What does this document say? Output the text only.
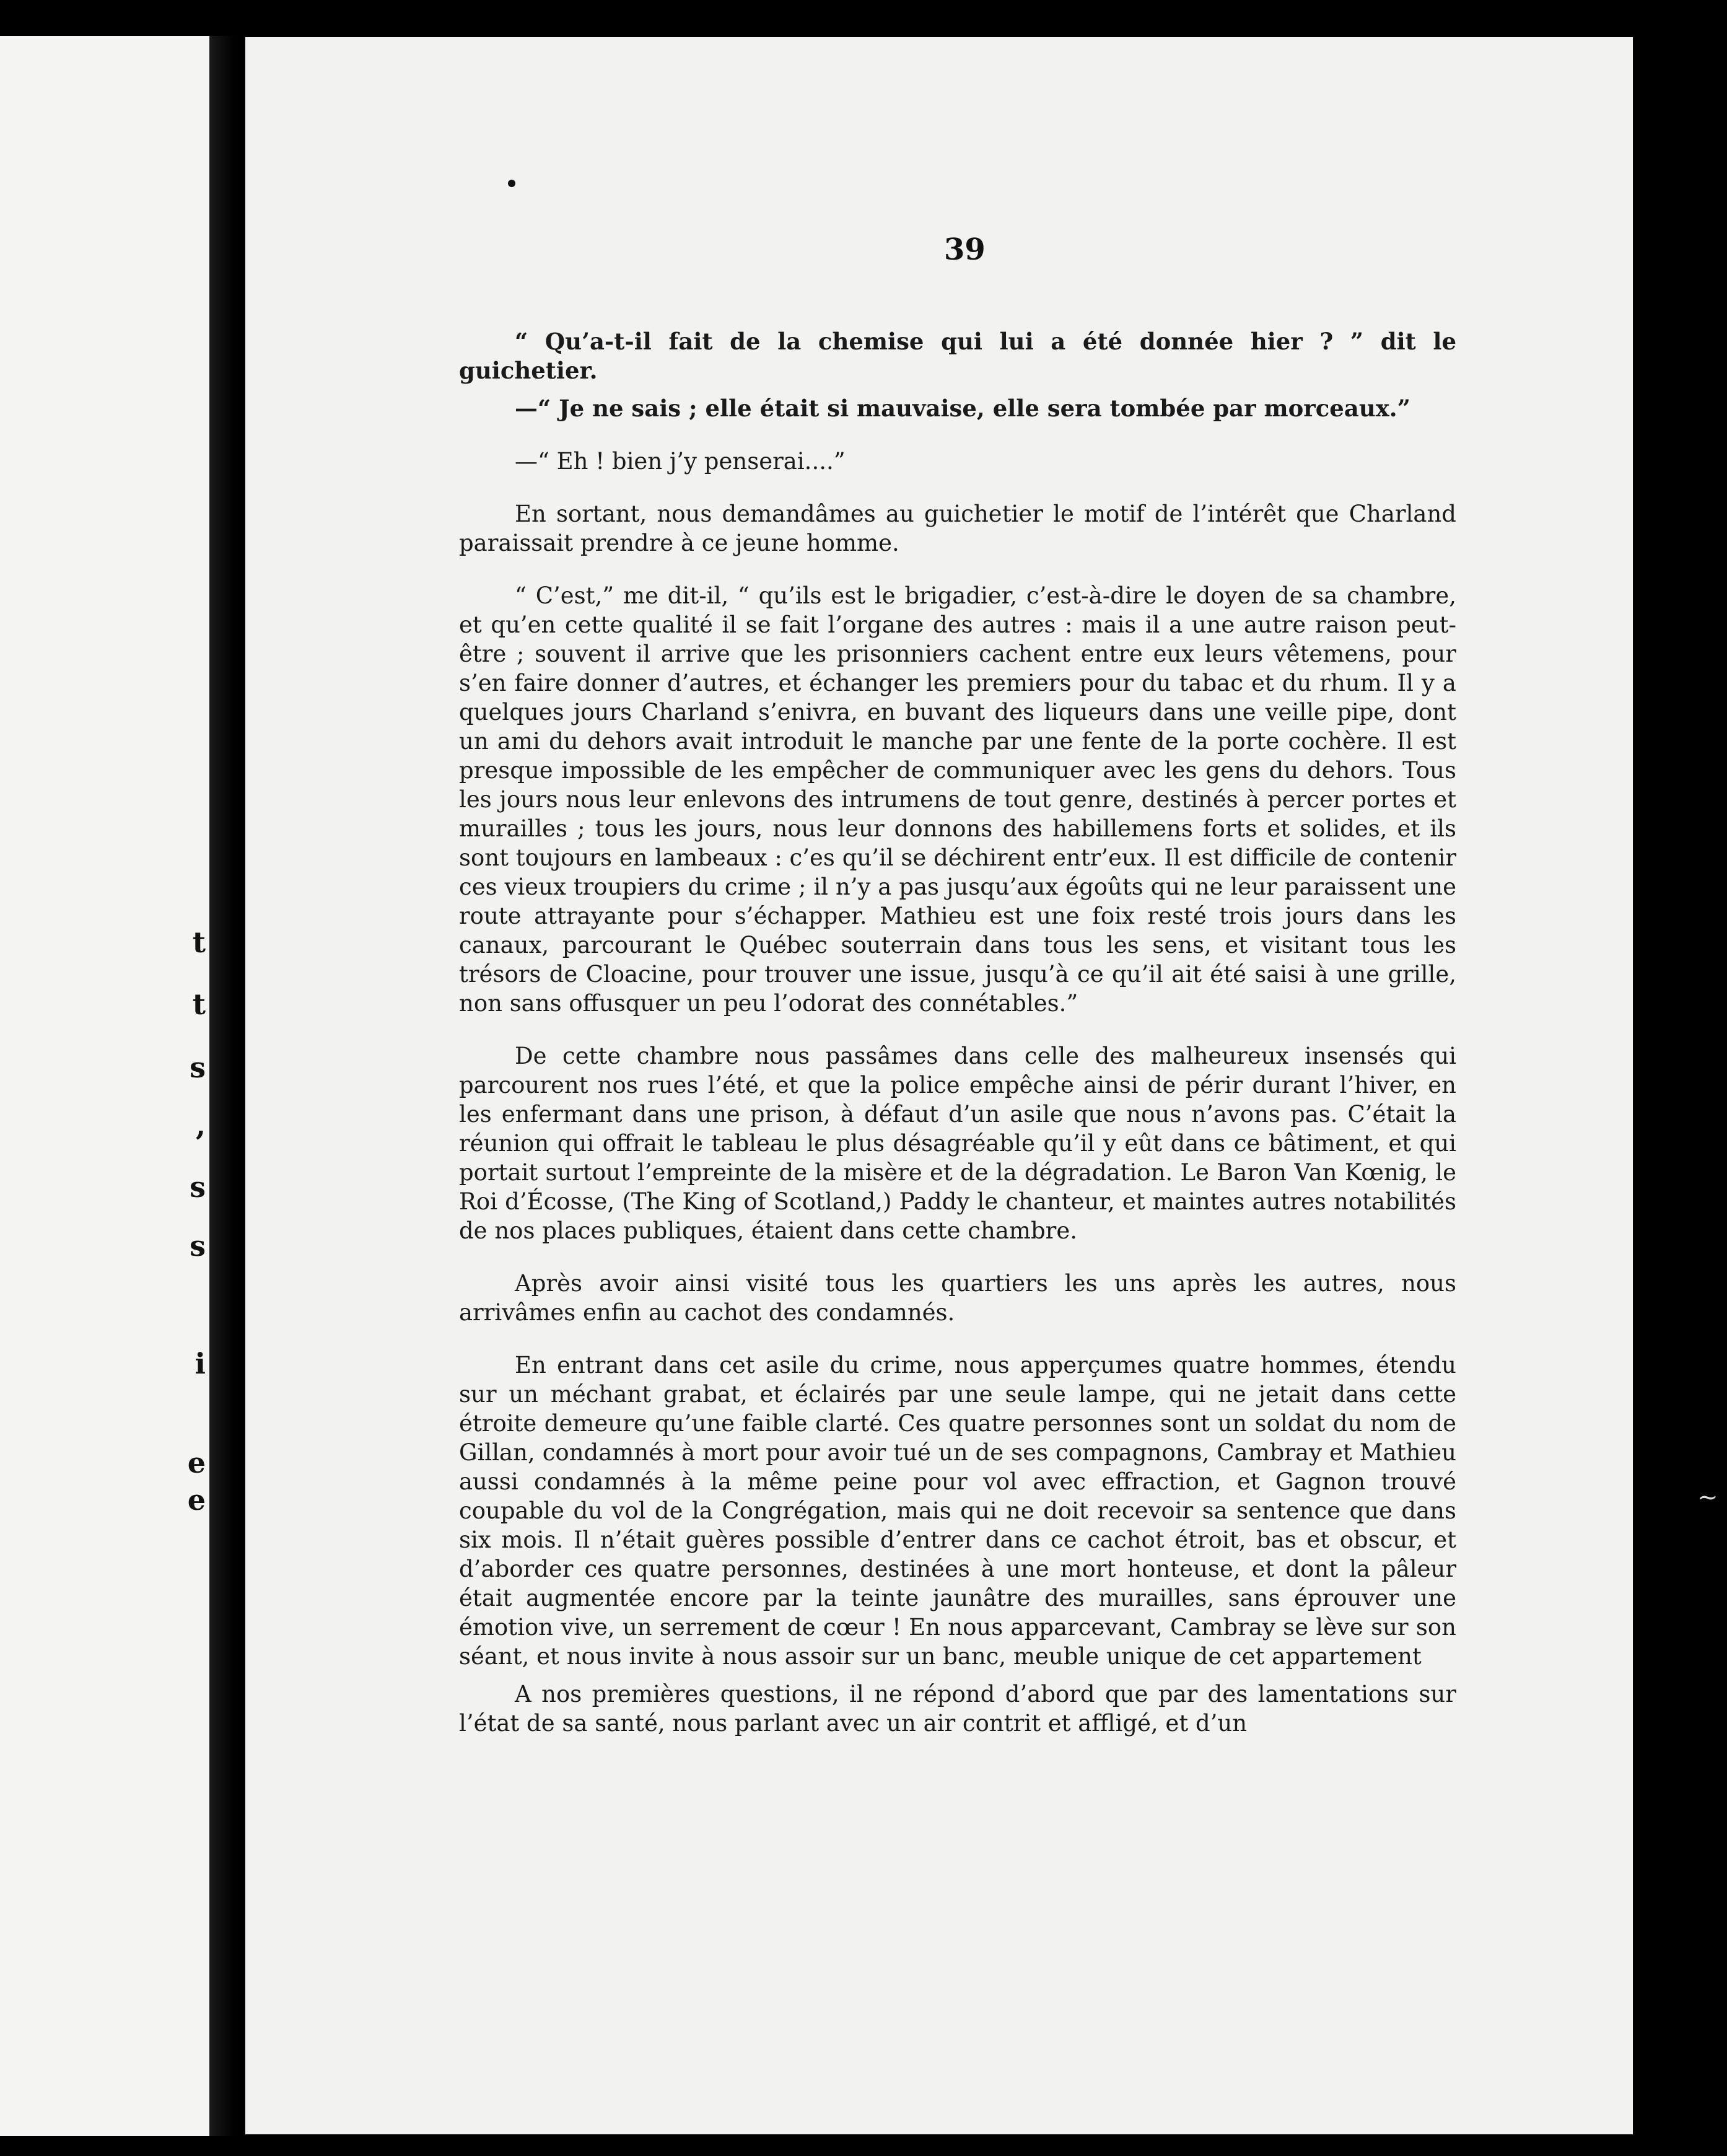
t
t
s
,
s
s
i
e
e
39

“ Qu’a-t-il fait de la chemise qui lui a été donnée hier ? ” dit le guichetier.

—“ Je ne sais ; elle était si mauvaise, elle sera tombée par morceaux.”

—“ Eh ! bien j’y penserai....”

En sortant, nous demandâmes au guichetier le motif de l’intérêt que Charland paraissait prendre à ce jeune homme.

“ C’est,” me dit-il, “ qu’ils est le brigadier, c’est-à-dire le doyen de sa chambre, et qu’en cette qualité il se fait l’organe des autres : mais il a une autre raison peut-être ; souvent il arrive que les prisonniers cachent entre eux leurs vêtemens, pour s’en faire donner d’autres, et échanger les premiers pour du tabac et du rhum. Il y a quelques jours Charland s’enivra, en buvant des liqueurs dans une veille pipe, dont un ami du dehors avait introduit le manche par une fente de la porte cochère. Il est presque impossible de les empêcher de communiquer avec les gens du dehors. Tous les jours nous leur enlevons des intrumens de tout genre, destinés à percer portes et murailles ; tous les jours, nous leur donnons des habillemens forts et solides, et ils sont toujours en lambeaux : c’es qu’il se déchirent entr’eux. Il est difficile de contenir ces vieux troupiers du crime ; il n’y a pas jusqu’aux égoûts qui ne leur paraissent une route attrayante pour s’échapper. Mathieu est une foix resté trois jours dans les canaux, parcourant le Québec souterrain dans tous les sens, et visitant tous les trésors de Cloacine, pour trouver une issue, jusqu’à ce qu’il ait été saisi à une grille, non sans offusquer un peu l’odorat des connétables.”

De cette chambre nous passâmes dans celle des malheureux insensés qui parcourent nos rues l’été, et que la police empêche ainsi de périr durant l’hiver, en les enfermant dans une prison, à défaut d’un asile que nous n’avons pas. C’était la réunion qui offrait le tableau le plus désagréable qu’il y eût dans ce bâtiment, et qui portait surtout l’empreinte de la misère et de la dégradation. Le Baron Van Kœnig, le Roi d’Écosse, (The King of Scotland,) Paddy le chanteur, et maintes autres notabilités de nos places publiques, étaient dans cette chambre.

Après avoir ainsi visité tous les quartiers les uns après les autres, nous arrivâmes enfin au cachot des condamnés.

En entrant dans cet asile du crime, nous apperçumes quatre hommes, étendu sur un méchant grabat, et éclairés par une seule lampe, qui ne jetait dans cette étroite demeure qu’une faible clarté. Ces quatre personnes sont un soldat du nom de Gillan, condamnés à mort pour avoir tué un de ses compagnons, Cambray et Mathieu aussi condamnés à la même peine pour vol avec effraction, et Gagnon trouvé coupable du vol de la Congrégation, mais qui ne doit recevoir sa sentence que dans six mois. Il n’était guères possible d’entrer dans ce cachot étroit, bas et obscur, et d’aborder ces quatre personnes, destinées à une mort honteuse, et dont la pâleur était augmentée encore par la teinte jaunâtre des murailles, sans éprouver une émotion vive, un serrement de cœur ! En nous apparcevant, Cambray se lève sur son séant, et nous invite à nous assoir sur un banc, meuble unique de cet appartement

A nos premières questions, il ne répond d’abord que par des lamentations sur l’état de sa santé, nous parlant avec un air contrit et affligé, et d’un

~
